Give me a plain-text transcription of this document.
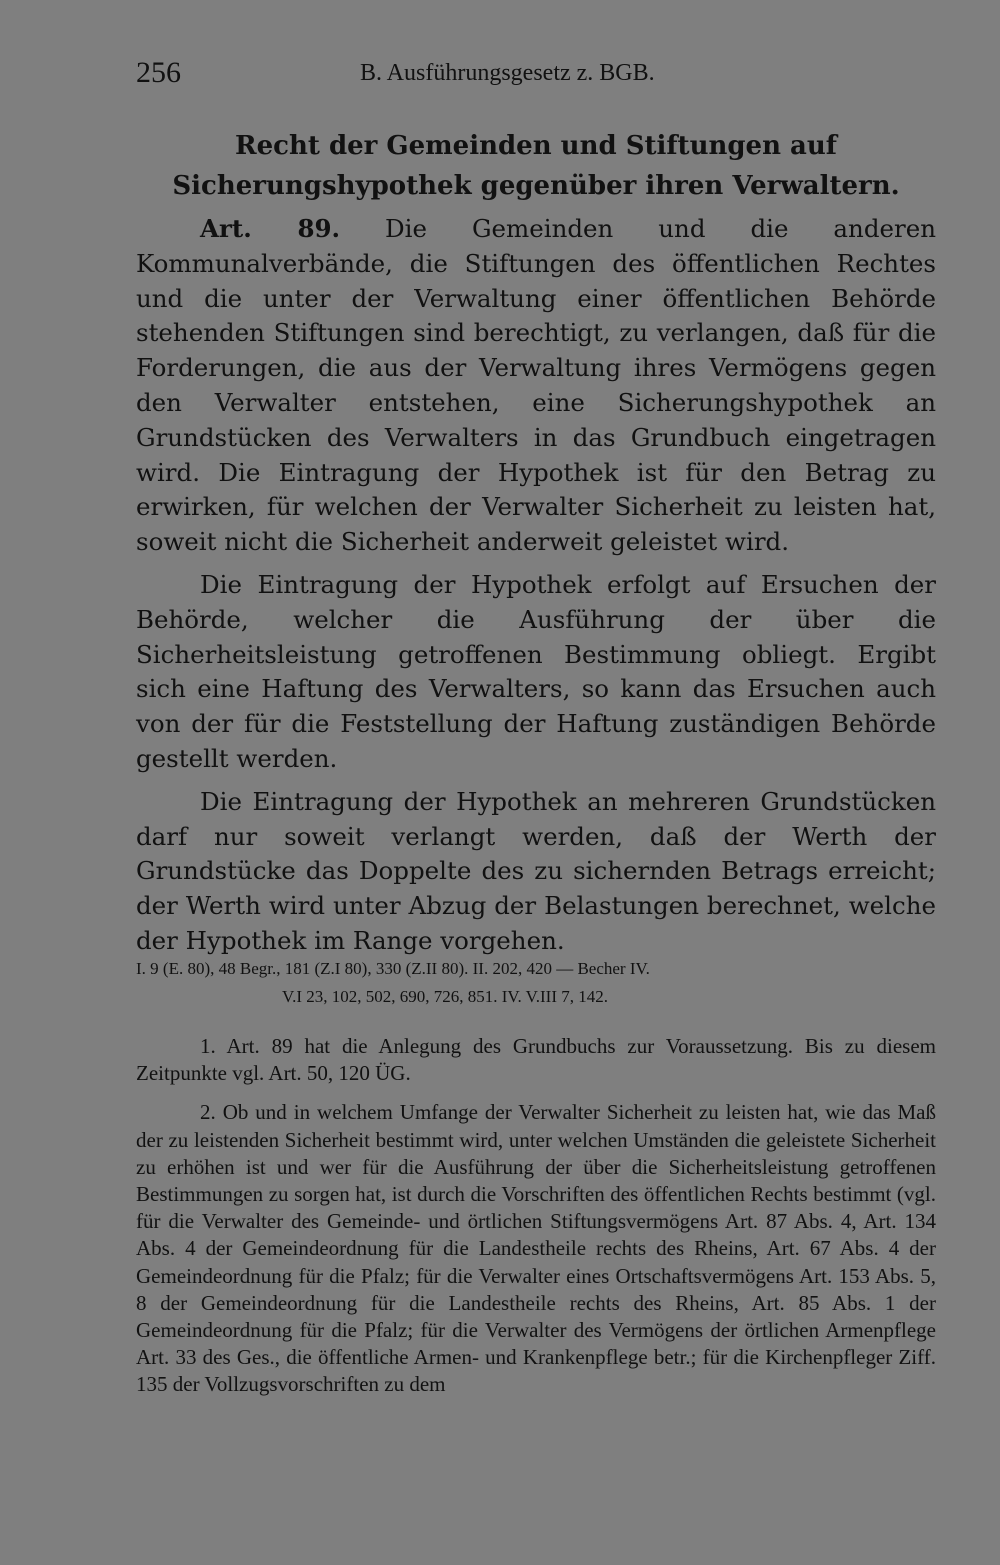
256	B. Ausführungsgesetz z. BGB.
Recht der Gemeinden und Stiftungen auf Sicherungshypothek gegenüber ihren Verwaltern.

Art. 89. Die Gemeinden und die anderen Kommunalverbände, die Stiftungen des öffentlichen Rechtes und die unter der Verwaltung einer öffentlichen Behörde stehenden Stiftungen sind berechtigt, zu verlangen, daß für die Forderungen, die aus der Verwaltung ihres Vermögens gegen den Verwalter entstehen, eine Sicherungshypothek an Grundstücken des Verwalters in das Grundbuch eingetragen wird. Die Eintragung der Hypothek ist für den Betrag zu erwirken, für welchen der Verwalter Sicherheit zu leisten hat, soweit nicht die Sicherheit anderweit geleistet wird.

Die Eintragung der Hypothek erfolgt auf Ersuchen der Behörde, welcher die Ausführung der über die Sicherheitsleistung getroffenen Bestimmung obliegt. Ergibt sich eine Haftung des Verwalters, so kann das Ersuchen auch von der für die Feststellung der Haftung zuständigen Behörde gestellt werden.

Die Eintragung der Hypothek an mehreren Grundstücken darf nur soweit verlangt werden, daß der Werth der Grundstücke das Doppelte des zu sichernden Betrags erreicht; der Werth wird unter Abzug der Belastungen berechnet, welche der Hypothek im Range vorgehen.

I. 9 (E. 80), 48 Begr., 181 (Z.I 80), 330 (Z.II 80). II. 202, 420 — Becher IV.
V.I 23, 102, 502, 690, 726, 851. IV. V.III 7, 142.

1. Art. 89 hat die Anlegung des Grundbuchs zur Voraussetzung. Bis zu diesem Zeitpunkte vgl. Art. 50, 120 ÜG.

2. Ob und in welchem Umfange der Verwalter Sicherheit zu leisten hat, wie das Maß der zu leistenden Sicherheit bestimmt wird, unter welchen Umständen die geleistete Sicherheit zu erhöhen ist und wer für die Ausführung der über die Sicherheitsleistung getroffenen Bestimmungen zu sorgen hat, ist durch die Vorschriften des öffentlichen Rechts bestimmt (vgl. für die Verwalter des Gemeinde- und örtlichen Stiftungsvermögens Art. 87 Abs. 4, Art. 134 Abs. 4 der Gemeindeordnung für die Landestheile rechts des Rheins, Art. 67 Abs. 4 der Gemeindeordnung für die Pfalz; für die Verwalter eines Ortschaftsvermögens Art. 153 Abs. 5, 8 der Gemeindeordnung für die Landestheile rechts des Rheins, Art. 85 Abs. 1 der Gemeindeordnung für die Pfalz; für die Verwalter des Vermögens der örtlichen Armenpflege Art. 33 des Ges., die öffentliche Armen- und Krankenpflege betr.; für die Kirchenpfleger Ziff. 135 der Vollzugsvorschriften zu dem
